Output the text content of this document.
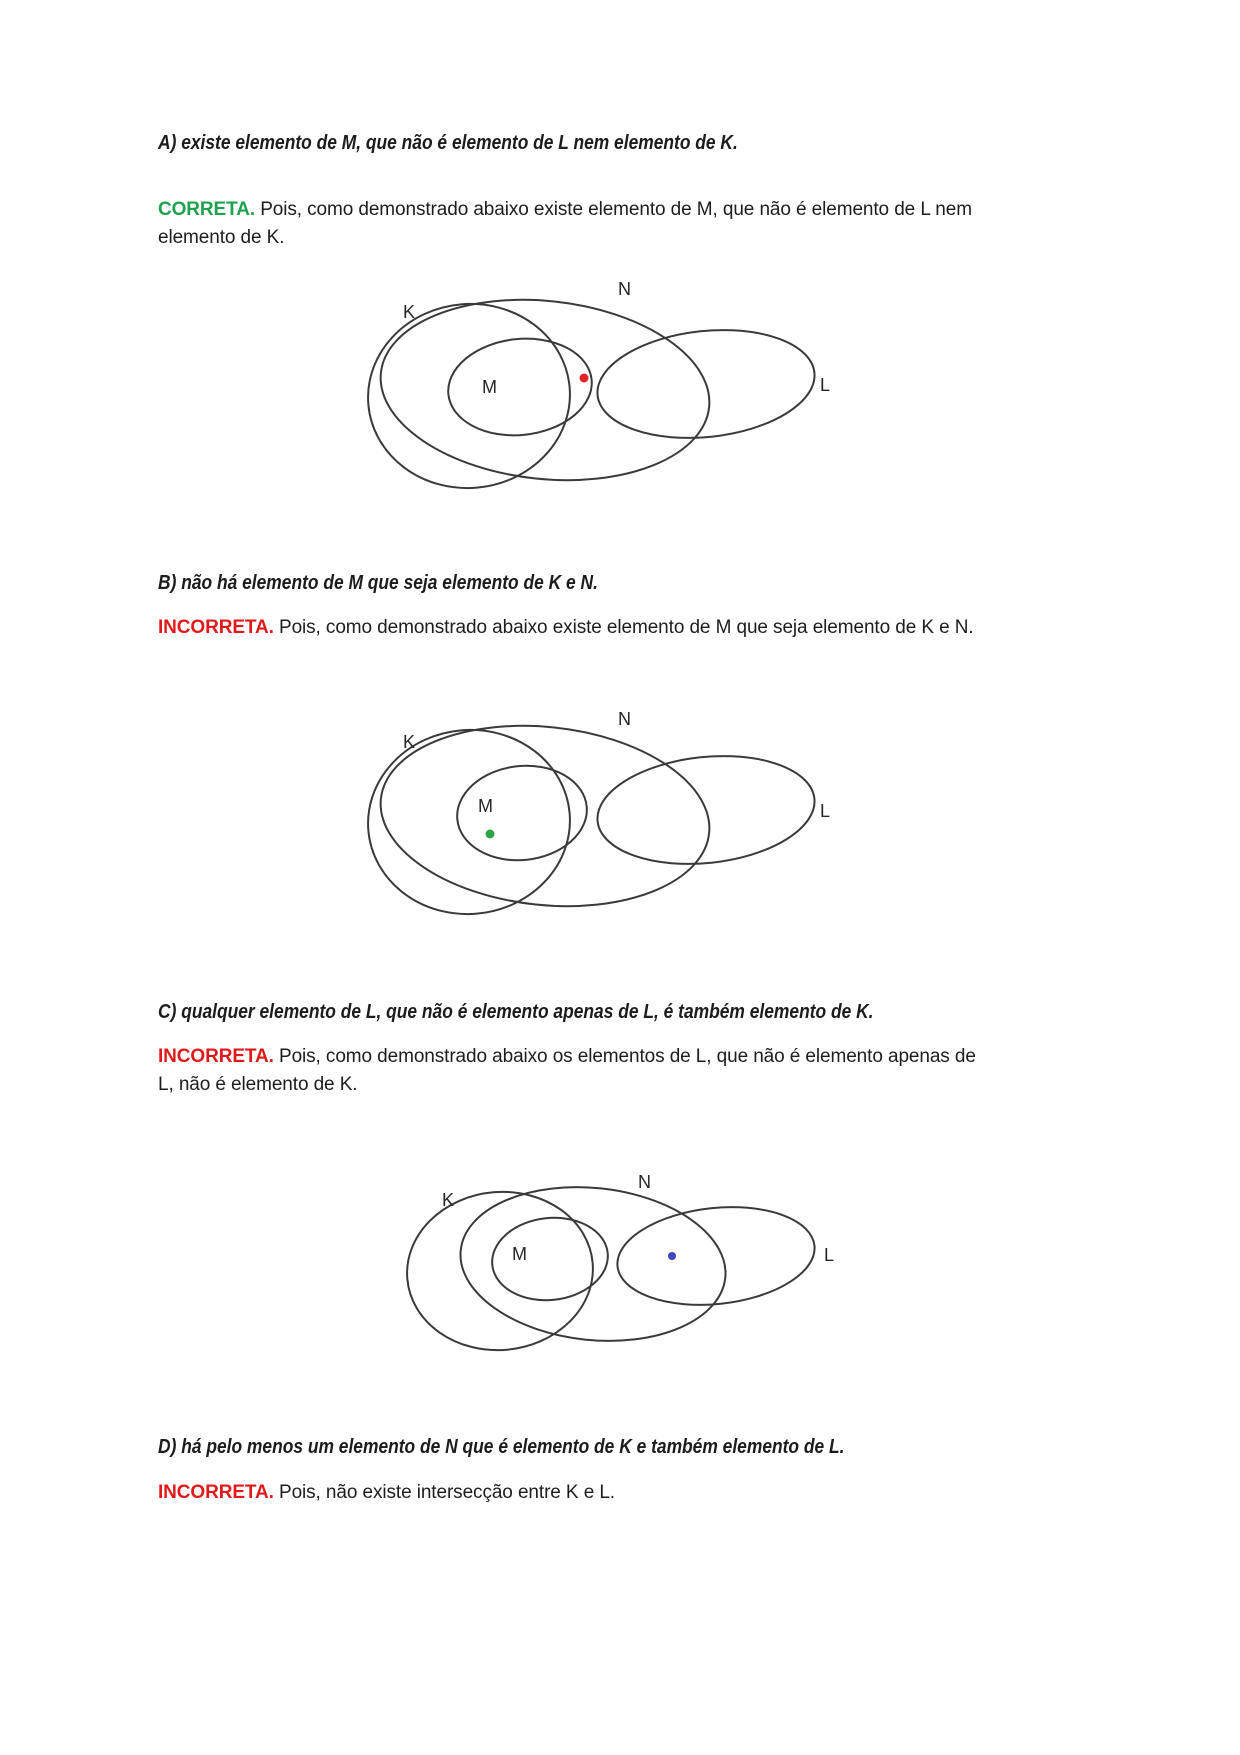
A) existe elemento de M, que não é elemento de L nem elemento de K.

CORRETA. Pois, como demonstrado abaixo existe elemento de M, que não é elemento de L nem
elemento de K.

K
N
M	L
B) não há elemento de M que seja elemento de K e N.

INCORRETA. Pois, como demonstrado abaixo existe elemento de M que seja elemento de K e N.

K
N
M	L
C) qualquer elemento de L, que não é elemento apenas de L, é também elemento de K.

INCORRETA. Pois, como demonstrado abaixo os elementos de L, que não é elemento apenas de
L, não é elemento de K.

K
N
M	L
D) há pelo menos um elemento de N que é elemento de K e também elemento de L.

INCORRETA. Pois, não existe intersecção entre K e L.
